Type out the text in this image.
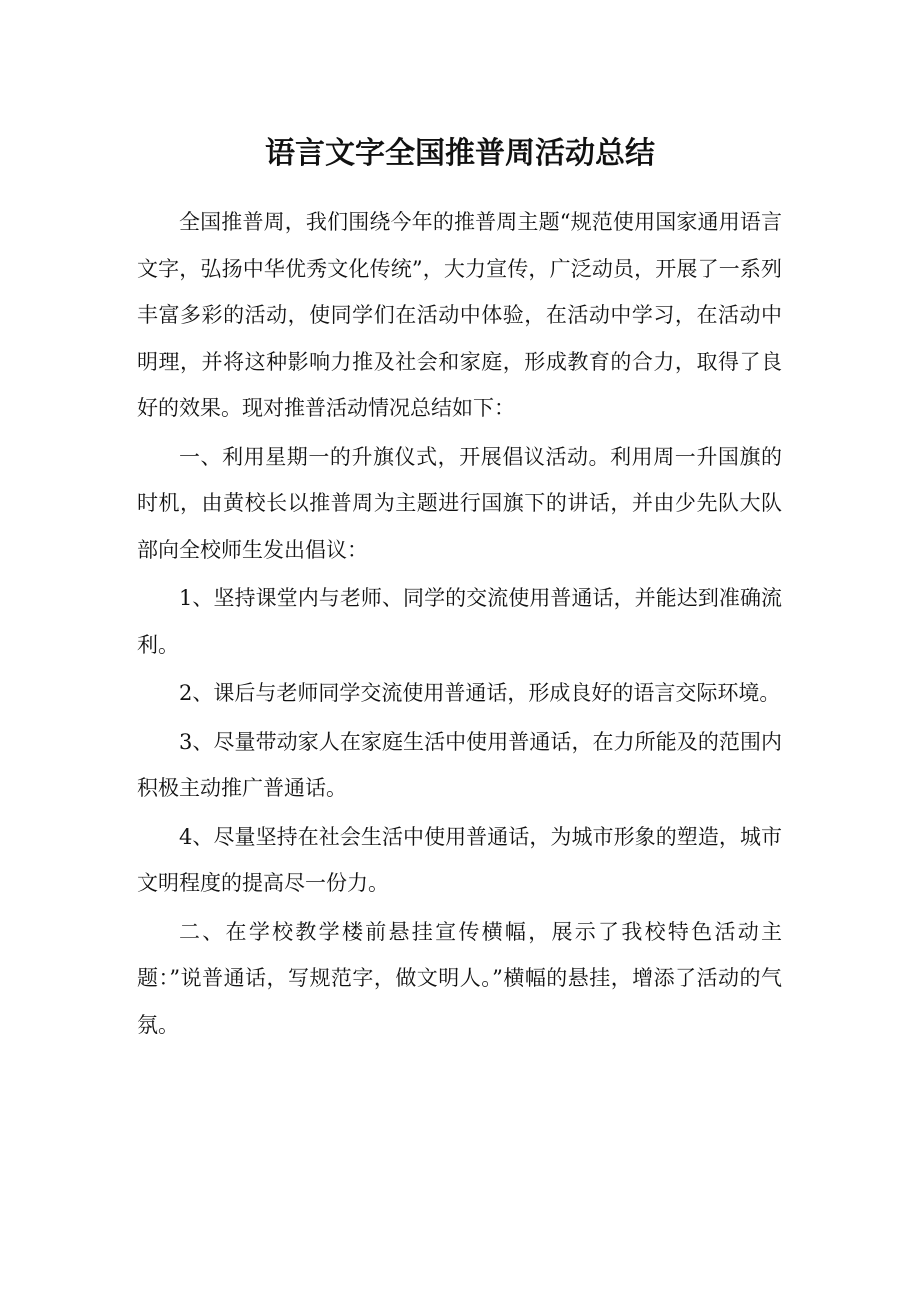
语言文字全国推普周活动总结

全国推普周，我们围绕今年的推普周主题“规范使用国家通用语言文字，弘扬中华优秀文化传统”，大力宣传，广泛动员，开展了一系列丰富多彩的活动，使同学们在活动中体验，在活动中学习，在活动中明理，并将这种影响力推及社会和家庭，形成教育的合力，取得了良好的效果。现对推普活动情况总结如下：

一、利用星期一的升旗仪式，开展倡议活动。利用周一升国旗的时机，由黄校长以推普周为主题进行国旗下的讲话，并由少先队大队部向全校师生发出倡议：

1、坚持课堂内与老师、同学的交流使用普通话，并能达到准确流利。

2、课后与老师同学交流使用普通话，形成良好的语言交际环境。

3、尽量带动家人在家庭生活中使用普通话，在力所能及的范围内积极主动推广普通话。

4、尽量坚持在社会生活中使用普通话，为城市形象的塑造，城市文明程度的提高尽一份力。

二、在学校教学楼前悬挂宣传横幅，展示了我校特色活动主题：”说普通话，写规范字，做文明人。”横幅的悬挂，增添了活动的气氛。
